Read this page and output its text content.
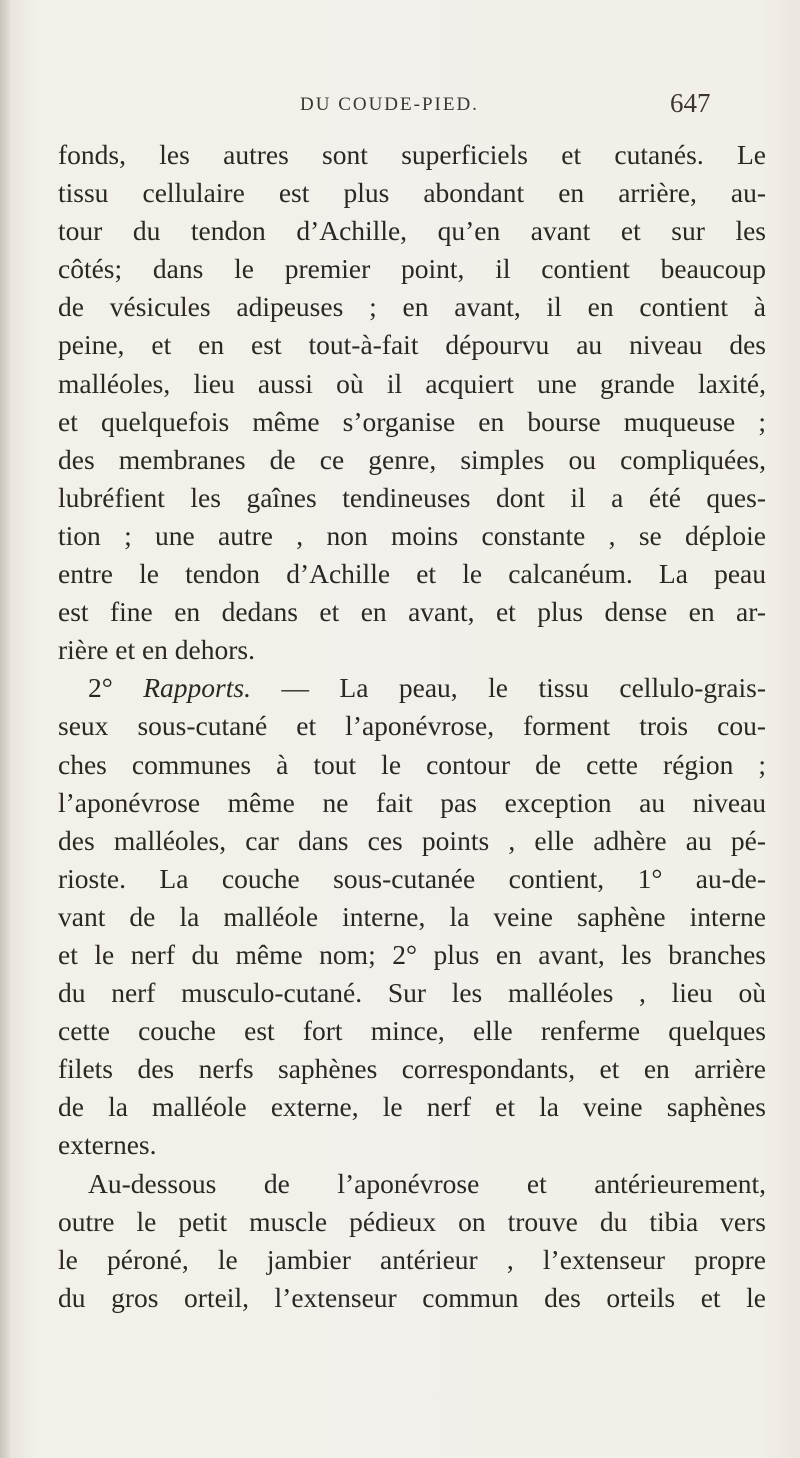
DU COUDE-PIED.	647
fonds, les autres sont superficiels et cutanés. Le
tissu cellulaire est plus abondant en arrière, au-
tour du tendon d’Achille, qu’en avant et sur les
côtés; dans le premier point, il contient beaucoup
de vésicules adipeuses ; en avant, il en contient à
peine, et en est tout-à-fait dépourvu au niveau des
malléoles, lieu aussi où il acquiert une grande laxité,
et quelquefois même s’organise en bourse muqueuse ;
des membranes de ce genre, simples ou compliquées,
lubréfient les gaînes tendineuses dont il a été ques-
tion ; une autre , non moins constante , se déploie
entre le tendon d’Achille et le calcanéum. La peau
est fine en dedans et en avant, et plus dense en ar-
rière et en dehors.
2° Rapports. — La peau, le tissu cellulo-grais-
seux sous-cutané et l’aponévrose, forment trois cou-
ches communes à tout le contour de cette région ;
l’aponévrose même ne fait pas exception au niveau
des malléoles, car dans ces points , elle adhère au pé-
rioste. La couche sous-cutanée contient, 1° au-de-
vant de la malléole interne, la veine saphène interne
et le nerf du même nom; 2° plus en avant, les branches
du nerf musculo-cutané. Sur les malléoles , lieu où
cette couche est fort mince, elle renferme quelques
filets des nerfs saphènes correspondants, et en arrière
de la malléole externe, le nerf et la veine saphènes
externes.
Au-dessous de l’aponévrose et antérieurement,
outre le petit muscle pédieux on trouve du tibia vers
le péroné, le jambier antérieur , l’extenseur propre
du gros orteil, l’extenseur commun des orteils et le
